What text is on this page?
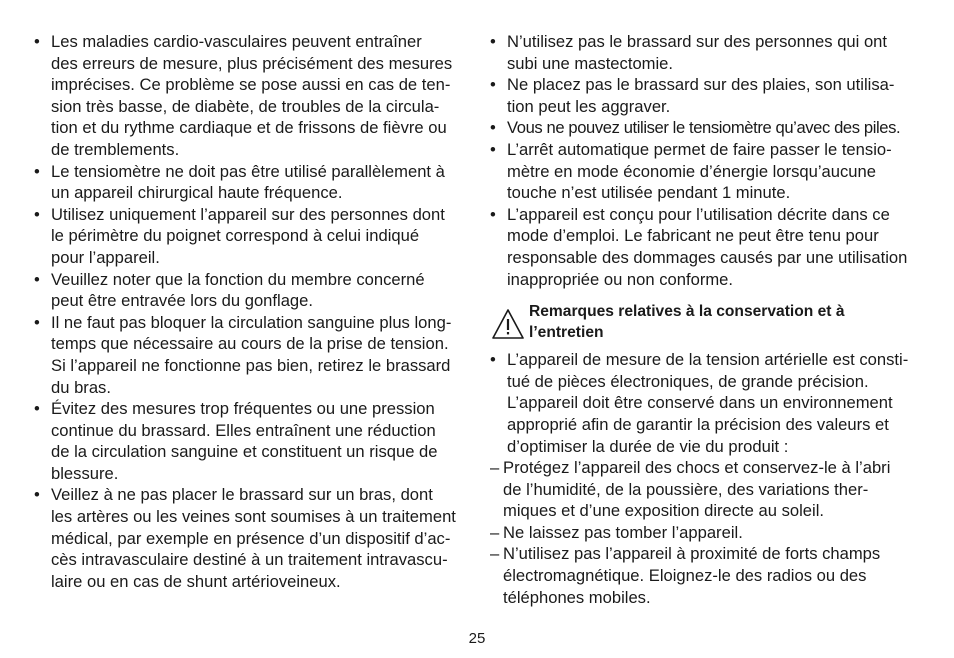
• Les maladies cardio-vasculaires peuvent entraîner
des erreurs de mesure, plus précisément des mesures
imprécises. Ce problème se pose aussi en cas de ten-
sion très basse, de diabète, de troubles de la circula-
tion et du rythme cardiaque et de frissons de fièvre ou
de tremblements.
• Le tensiomètre ne doit pas être utilisé parallèlement à
un appareil chirurgical haute fréquence.
• Utilisez uniquement l’appareil sur des personnes dont
le périmètre du poignet correspond à celui indiqué
pour l’appareil.
• Veuillez noter que la fonction du membre concerné
peut être entravée lors du gonflage.
• Il ne faut pas bloquer la circulation sanguine plus long-
temps que nécessaire au cours de la prise de tension.
Si l’appareil ne fonctionne pas bien, retirez le brassard
du bras.
• Évitez des mesures trop fréquentes ou une pression
continue du brassard. Elles entraînent une réduction
de la circulation sanguine et constituent un risque de
blessure.
• Veillez à ne pas placer le brassard sur un bras, dont
les artères ou les veines sont soumises à un traitement
médical, par exemple en présence d’un dispositif d’ac-
cès intravasculaire destiné à un traitement intravascu-
laire ou en cas de shunt artérioveineux.
• N’utilisez pas le brassard sur des personnes qui ont
subi une mastectomie.
• Ne placez pas le brassard sur des plaies, son utilisa-
tion peut les aggraver.
• Vous ne pouvez utiliser le tensiomètre qu’avec des piles.
• L’arrêt automatique permet de faire passer le tensio-
mètre en mode économie d’énergie lorsqu’aucune
touche n’est utilisée pendant 1 minute.
• L’appareil est conçu pour l’utilisation décrite dans ce
mode d’emploi. Le fabricant ne peut être tenu pour
responsable des dommages causés par une utilisation
inappropriée ou non conforme.
Remarques relatives à la conservation et à
l’entretien
• L’appareil de mesure de la tension artérielle est consti-
tué de pièces électroniques, de grande précision.
L’appareil doit être conservé dans un environnement
approprié afin de garantir la précision des valeurs et
d’optimiser la durée de vie du produit :
– Protégez l’appareil des chocs et conservez-le à l’abri
de l’humidité, de la poussière, des variations ther-
miques et d’une exposition directe au soleil.
– Ne laissez pas tomber l’appareil.
– N’utilisez pas l’appareil à proximité de forts champs
électromagnétique. Eloignez-le des radios ou des
téléphones mobiles.
25
